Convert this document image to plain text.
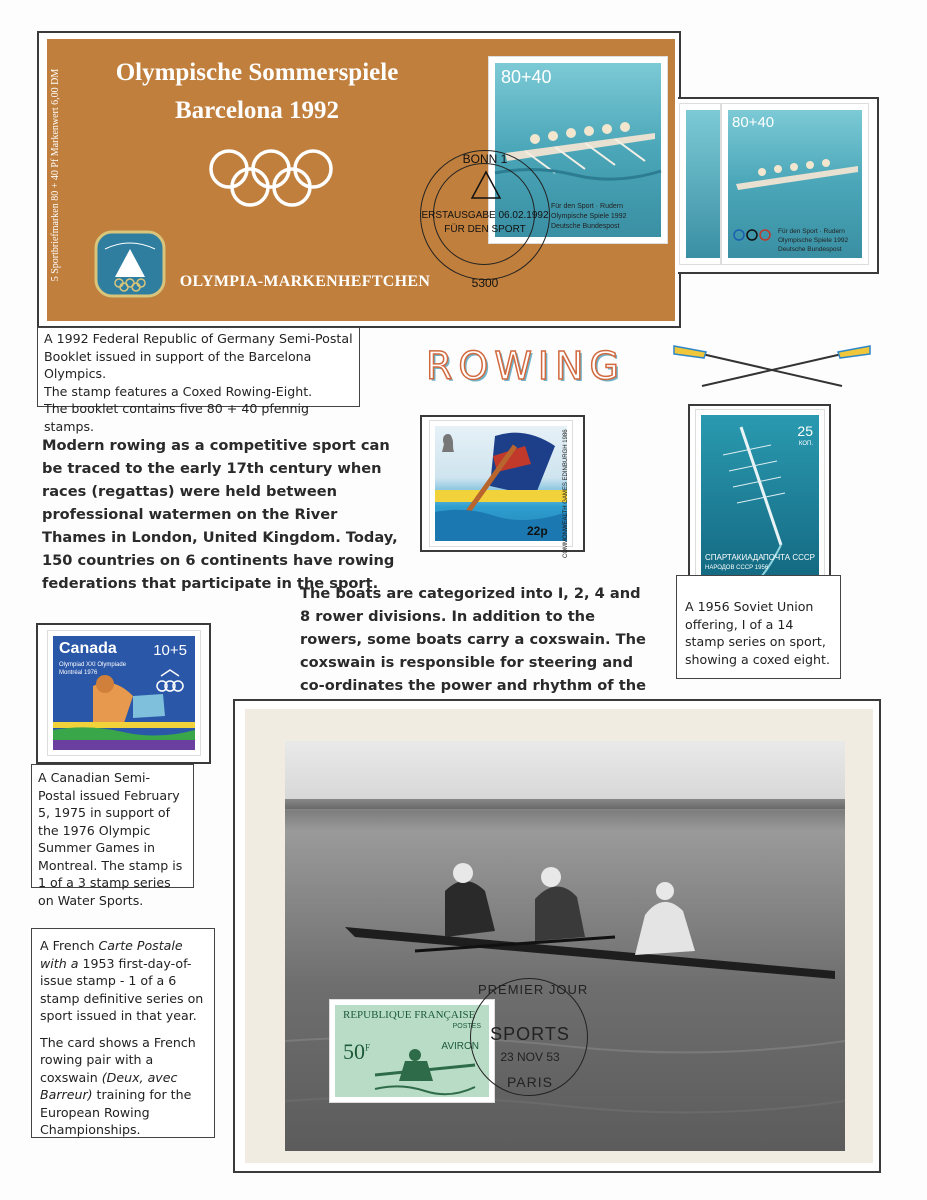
5 Sportbriefmarken 80 + 40 Pf Markenwert 6,00 DM	Olympische Sommerspiele
Barcelona 1992
OLYMPIA-MARKENHEFTCHEN
80+40
Für den Sport · Rudern
Olympische Spiele 1992
Deutsche Bundespost
BONN 1
ERSTAUSGABE 06.02.1992
FÜR DEN SPORT
5300
80+40
Für den Sport · Rudern
Olympische Spiele 1992
Deutsche Bundespost

A 1992 Federal Republic of Germany Semi-Postal

Booklet issued in support of the Barcelona Olympics.

The stamp features a Coxed Rowing-Eight.

The booklet contains five 80 + 40 pfennig stamps.

ROWING
Modern rowing as a competitive sport can be traced to the early 17th century when races (regattas) were held between professional watermen on the River Thames in London, United Kingdom. Today, 150 countries on 6 continents have rowing federations that participate in the sport.
22p	COMMONWEALTH GAMES EDINBURGH 1986	25
КОП.
СПАРТАКИАДА ПОЧТА СССР
НАРОДОВ СССР 1956
A 1956 Soviet Union offering, I of a 14 stamp series on sport, showing a coxed eight.
The boats are categorized into I, 2, 4 and 8 rower divisions. In addition to the rowers, some boats carry a coxswain. The coxswain is responsible for steering and co-ordinates the power and rhythm of the
Canada 10+5
Olympiad XXI Olympiade
Montréal 1976
A Canadian Semi-Postal issued February 5, 1975 in support of the 1976 Olympic Summer Games in Montreal. The stamp is 1 of a 3 stamp series on Water Sports.
REPUBLIQUE FRANÇAISE
POSTES
$50^F$	AVIRON
PREMIER JOUR
SPORTS
23 NOV 53
PARIS

A French Carte Postale with a 1953 first-day-of-issue stamp - 1 of a 6 stamp definitive series on sport issued in that year.

The card shows a French rowing pair with a coxswain (Deux, avec Barreur) training for the European Rowing Championships.
